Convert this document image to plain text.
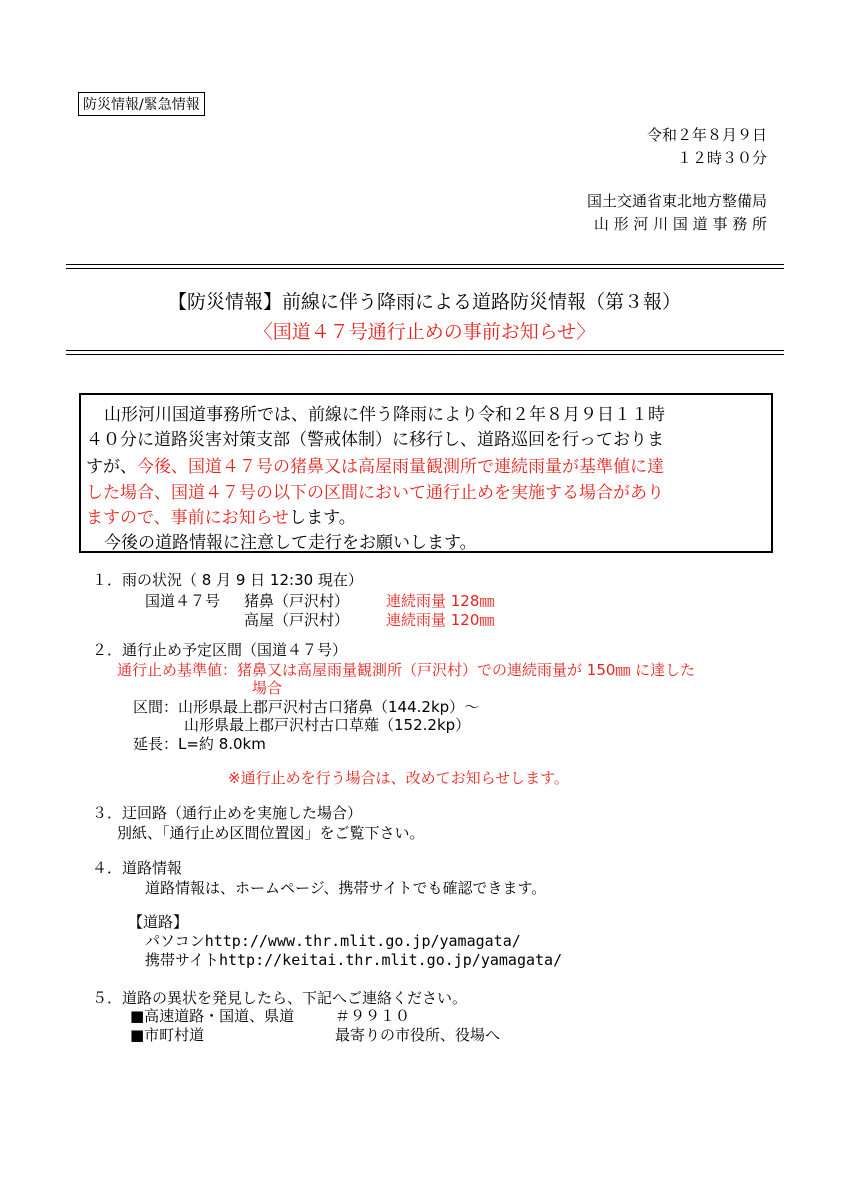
防災情報/緊急情報
令和２年８月９日
１２時３０分
国土交通省東北地方整備局
山 形 河 川 国 道 事 務 所
【防災情報】前線に伴う降雨による道路防災情報（第３報）
〈国道４７号通行止めの事前お知らせ〉
山形河川国道事務所では、前線に伴う降雨により令和２年８月９日１１時
４０分に道路災害対策支部（警戒体制）に移行し、道路巡回を行っておりま
すが、今後、国道４７号の猪鼻又は高屋雨量観測所で連続雨量が基準値に達
した場合、国道４７号の以下の区間において通行止めを実施する場合があり
ますので、事前にお知らせします。
今後の道路情報に注意して走行をお願いします。
１．雨の状況（ 8 月 9 日 12:30 現在）
国道４７号 猪鼻（戸沢村） 連続雨量 128㎜
高屋（戸沢村） 連続雨量 120㎜
２．通行止め予定区間（国道４７号）
通行止め基準値：猪鼻又は高屋雨量観測所（戸沢村）での連続雨量が 150㎜ に達した
場合
区間：山形県最上郡戸沢村古口猪鼻（144.2kp）～
山形県最上郡戸沢村古口草薙（152.2kp）
延長：L=約 8.0km
※通行止めを行う場合は、改めてお知らせします。
３．迂回路（通行止めを実施した場合）
別紙、「通行止め区間位置図」をご覧下さい。
４．道路情報
道路情報は、ホームページ、携帯サイトでも確認できます。
【道路】
パソコンhttp://www.thr.mlit.go.jp/yamagata/
携帯サイトhttp://keitai.thr.mlit.go.jp/yamagata/
５．道路の異状を発見したら、下記へご連絡ください。
■高速道路・国道、県道	＃９９１０
■市町村道	最寄りの市役所、役場へ
